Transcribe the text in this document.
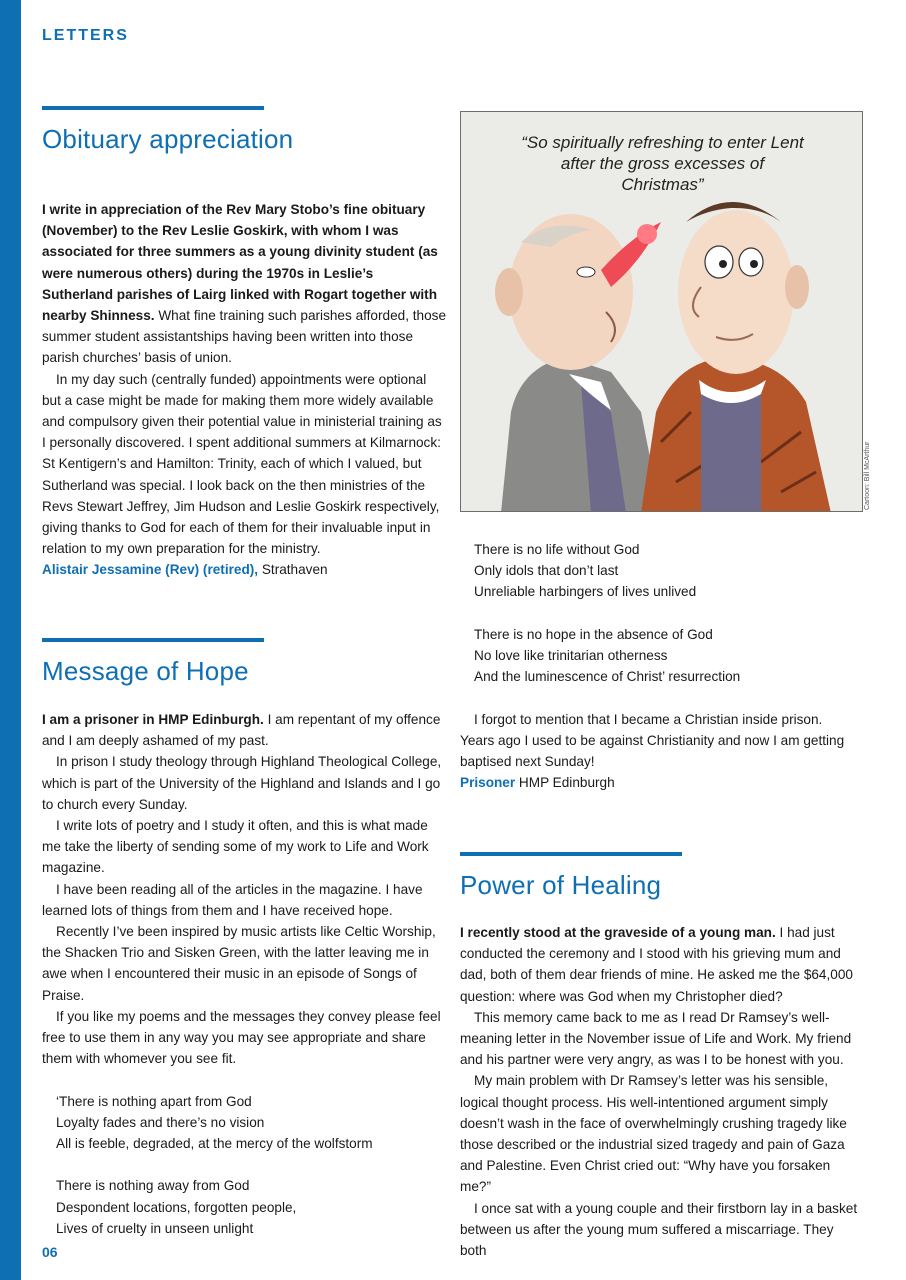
LETTERS
Obituary appreciation

I write in appreciation of the Rev Mary Stobo’s fine obituary (November) to the Rev Leslie Goskirk, with whom I was associated for three summers as a young divinity student (as were numerous others) during the 1970s in Leslie’s Sutherland parishes of Lairg linked with Rogart together with nearby Shinness. What fine training such parishes afforded, those summer student assistantships having been written into those parish churches’ basis of union.

In my day such (centrally funded) appointments were optional but a case might be made for making them more widely available and compulsory given their potential value in ministerial training as I personally discovered. I spent additional summers at Kilmarnock: St Kentigern’s and Hamilton: Trinity, each of which I valued, but Sutherland was special. I look back on the then ministries of the Revs Stewart Jeffrey, Jim Hudson and Leslie Goskirk respectively, giving thanks to God for each of them for their invaluable input in relation to my own preparation for the ministry.

Alistair Jessamine (Rev) (retired), Strathaven

Message of Hope

I am a prisoner in HMP Edinburgh. I am repentant of my offence and I am deeply ashamed of my past.

In prison I study theology through Highland Theological College, which is part of the University of the Highland and Islands and I go to church every Sunday.

I write lots of poetry and I study it often, and this is what made me take the liberty of sending some of my work to Life and Work magazine.

I have been reading all of the articles in the magazine. I have learned lots of things from them and I have received hope.

Recently I’ve been inspired by music artists like Celtic Worship, the Shacken Trio and Sisken Green, with the latter leaving me in awe when I encountered their music in an episode of Songs of Praise.

If you like my poems and the messages they convey please feel free to use them in any way you may see appropriate and share them with whomever you see fit.

‘There is nothing apart from God

Loyalty fades and there’s no vision

All is feeble, degraded, at the mercy of the wolfstorm

There is nothing away from God

Despondent locations, forgotten people,

Lives of cruelty in unseen unlight

“So spiritually refreshing to enter Lent
after the gross excesses of
Christmas”
Cartoon: Bill McArthur

There is no life without God

Only idols that don’t last

Unreliable harbingers of lives unlived

There is no hope in the absence of God

No love like trinitarian otherness

And the luminescence of Christ’ resurrection

I forgot to mention that I became a Christian inside prison. Years ago I used to be against Christianity and now I am getting baptised next Sunday!

Prisoner HMP Edinburgh

Power of Healing

I recently stood at the graveside of a young man. I had just conducted the ceremony and I stood with his grieving mum and dad, both of them dear friends of mine. He asked me the $64,000 question: where was God when my Christopher died?

This memory came back to me as I read Dr Ramsey’s well-meaning letter in the November issue of Life and Work. My friend and his partner were very angry, as was I to be honest with you.

My main problem with Dr Ramsey’s letter was his sensible, logical thought process. His well-intentioned argument simply doesn’t wash in the face of overwhelmingly crushing tragedy like those described or the industrial sized tragedy and pain of Gaza and Palestine. Even Christ cried out: “Why have you forsaken me?”

I once sat with a young couple and their firstborn lay in a basket between us after the young mum suffered a miscarriage. They both

06
